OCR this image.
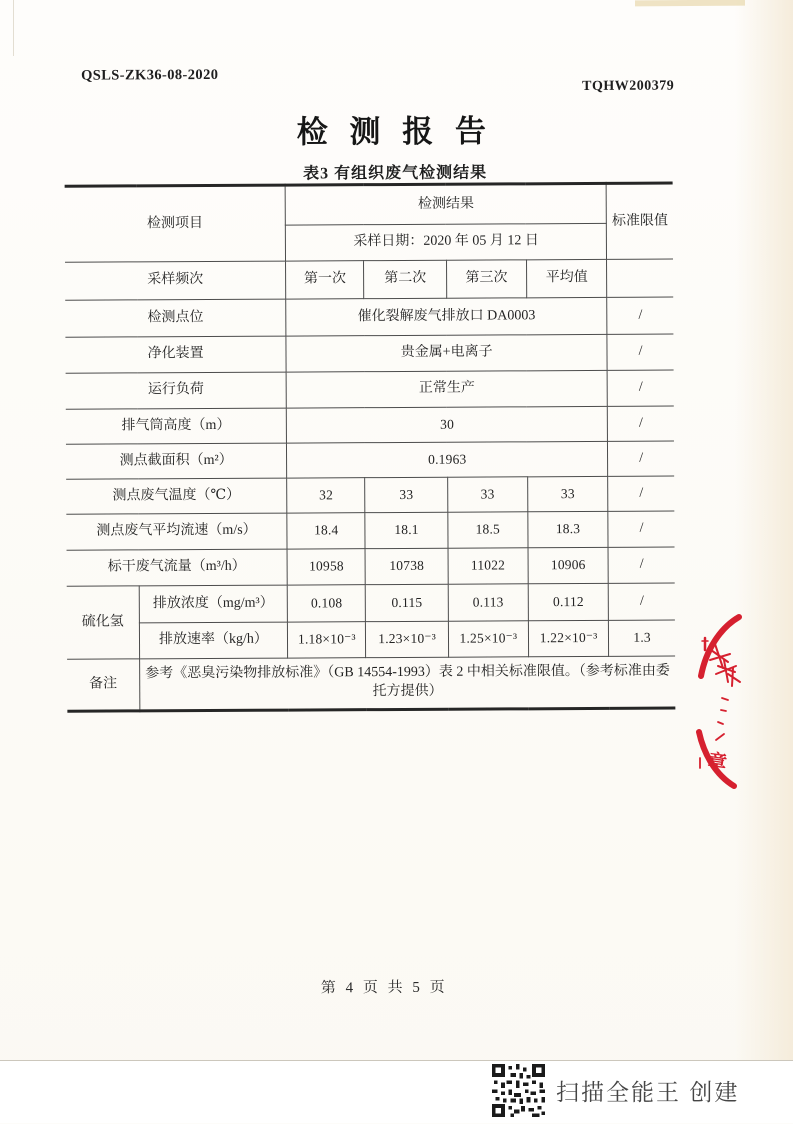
QSLS-ZK36-08-2020
TQHW200379
检 测 报 告
表3 有组织废气检测结果
检测项目		检测结果				标准限值
		采样日期：2020 年 05 月 12 日				
采样频次		第一次	第二次	第三次	平均值	
检测点位		催化裂解废气排放口 DA0003				/
净化装置		贵金属+电离子				/
运行负荷		正常生产				/
排气筒高度（m）		30				/
测点截面积（m²）		0.1963				/
测点废气温度（℃）		32	33	33	33	/
测点废气平均流速（m/s）		18.4	18.1	18.5	18.3	/
标干废气流量（m³/h）		10958	10738	11022	10906	/
硫化氢	排放浓度（mg/m³）	0.108	0.115	0.113	0.112	/
	排放速率（kg/h）	1.18×10⁻³	1.23×10⁻³	1.25×10⁻³	1.22×10⁻³	1.3
备注	参考《恶臭污染物排放标准》（GB 14554-1993）表 2 中相关标准限值。（参考标准由委托方提供）					
第 4 页 共 5 页
章
扫描全能王 创建
